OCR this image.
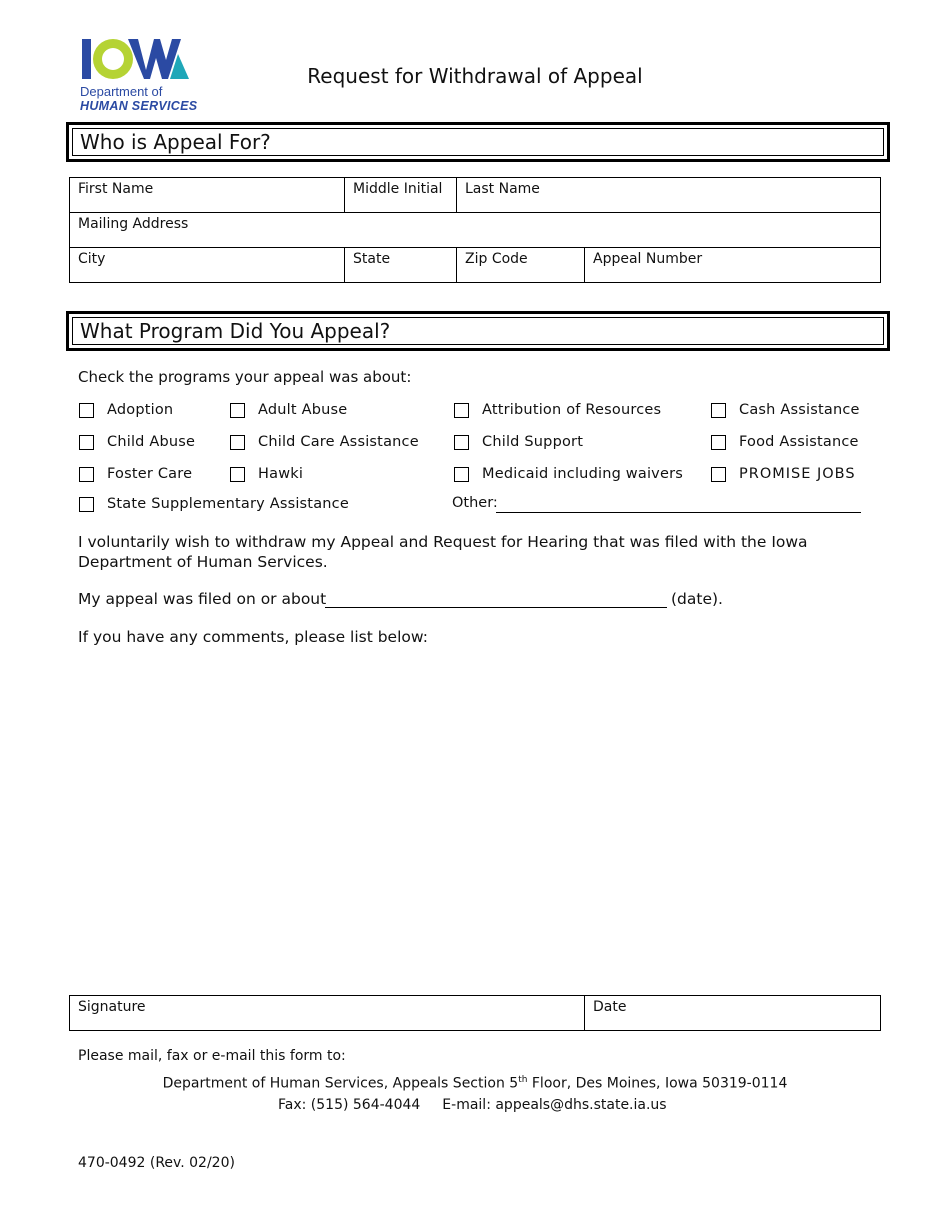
Department of
HUMAN SERVICES
Request for Withdrawal of Appeal
Who is Appeal For?
First Name	Middle Initial	Last Name	
Mailing Address			
City	State	Zip Code	Appeal Number
What Program Did You Appeal?
Check the programs your appeal was about:
Adoption	Adult Abuse	Attribution of Resources	Cash Assistance
Child Abuse	Child Care Assistance	Child Support	Food Assistance
Foster Care	Hawki	Medicaid including waivers	PROMISE JOBS
State Supplementary Assistance	Other:
I voluntarily wish to withdraw my Appeal and Request for Hearing that was filed with the Iowa Department of Human Services.
My appeal was filed on or about	(date).
If you have any comments, please list below:
Signature	Date
Please mail, fax or e-mail this form to:
Department of Human Services, Appeals Section 5th Floor, Des Moines, Iowa 50319-0114
Fax: (515) 564-4044 E-mail: appeals@dhs.state.ia.us
470-0492 (Rev. 02/20)
